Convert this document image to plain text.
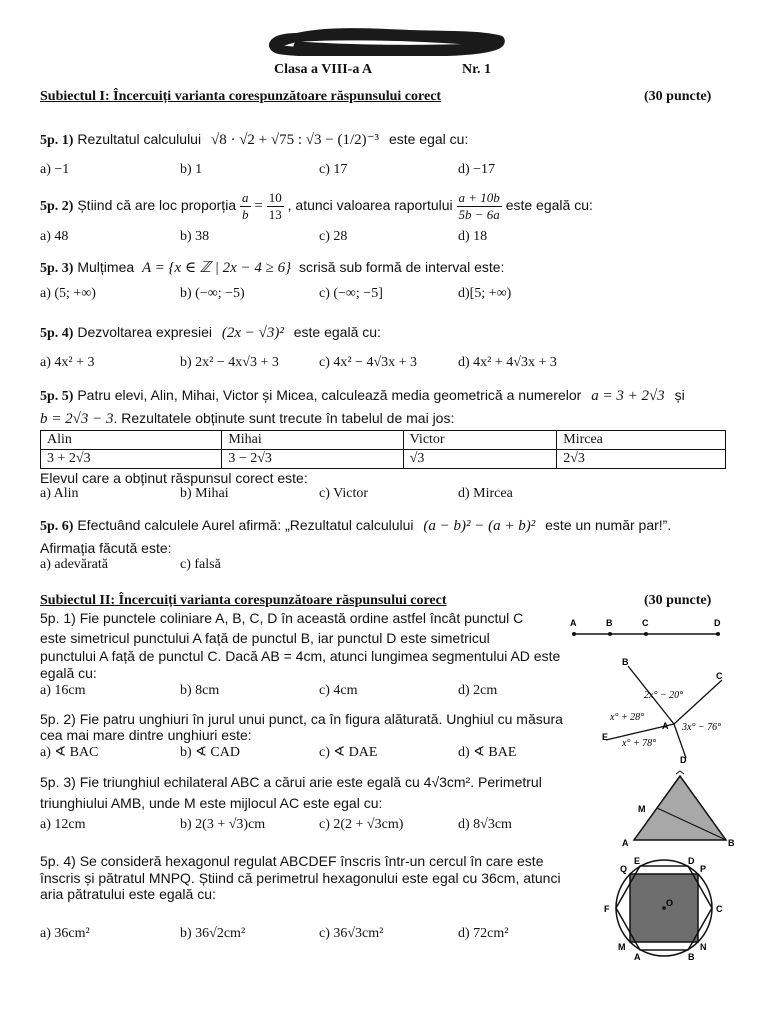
Clasa a VIII-a A	Nr. 1
Subiectul I: Încercuiți varianta corespunzătoare răspunsului corect	(30 puncte)
5p. 1) Rezultatul calculului √8 · √2 + √75 : √3 − (1/2)⁻³ este egal cu:
a) −1	b) 1	c) 17	d) −17
5p. 2) Știind că are loc proporția $\frac{a}{b} = \frac{10}{13}$ , atunci valoarea raportului $\frac{a + 10b}{5b - 6a}$ este egală cu:
a) 48	b) 38	c) 28	d) 18
5p. 3) Mulțimea A = {x ∈ ℤ | 2x − 4 ≥ 6} scrisă sub formă de interval este:
a) (5; +∞)	b) (−∞; −5)	c) (−∞; −5]	d)[5; +∞)
5p. 4) Dezvoltarea expresiei (2x − √3)² este egală cu:
a) 4x² + 3	b) 2x² − 4x√3 + 3	c) 4x² − 4√3x + 3	d) 4x² + 4√3x + 3
5p. 5) Patru elevi, Alin, Mihai, Victor și Micea, calculează media geometrică a numerelor a = 3 + 2√3 și
b = 2√3 − 3. Rezultatele obținute sunt trecute în tabelul de mai jos:
Alin	Mihai	Victor	Mircea
3 + 2√3	3 − 2√3	√3	2√3
Elevul care a obținut răspunsul corect este:
a) Alin	b) Mihai	c) Victor	d) Mircea
5p. 6) Efectuând calculele Aurel afirmă: „Rezultatul calculului (a − b)² − (a + b)² este un număr par!”.
Afirmația făcută este:
a) adevărată	c) falsă
Subiectul II: Încercuiți varianta corespunzătoare răspunsului corect	(30 puncte)
5p. 1) Fie punctele coliniare A, B, C, D în această ordine astfel încât punctul C
este simetricul punctului A față de punctul B, iar punctul D este simetricul
punctului A față de punctul C. Dacă AB = 4cm, atunci lungimea segmentului AD este
egală cu:
a) 16cm	b) 8cm	c) 4cm	d) 2cm
5p. 2) Fie patru unghiuri în jurul unui punct, ca în figura alăturată. Unghiul cu măsura
cea mai mare dintre unghiuri este:
a) ∢ BAC	b) ∢ CAD	c) ∢ DAE	d) ∢ BAE
5p. 3) Fie triunghiul echilateral ABC a cărui arie este egală cu 4√3cm². Perimetrul
triunghiului AMB, unde M este mijlocul AC este egal cu:
a) 12cm	b) 2(3 + √3)cm	c) 2(2 + √3cm)	d) 8√3cm
5p. 4) Se consideră hexagonul regulat ABCDEF înscris într-un cercul în care este
înscris și pătratul MNPQ. Știind că perimetrul hexagonului este egal cu 36cm, atunci
aria pătratului este egală cu:
a) 36cm²	b) 36√2cm²	c) 36√3cm²	d) 72cm²
A	B	C	D
B
C
A
E
D
2x° − 20°
x° + 28°
3x° − 76°
x° + 78°
M
A	B
Q
E	D
P
F	C
M
A	B
N
O
